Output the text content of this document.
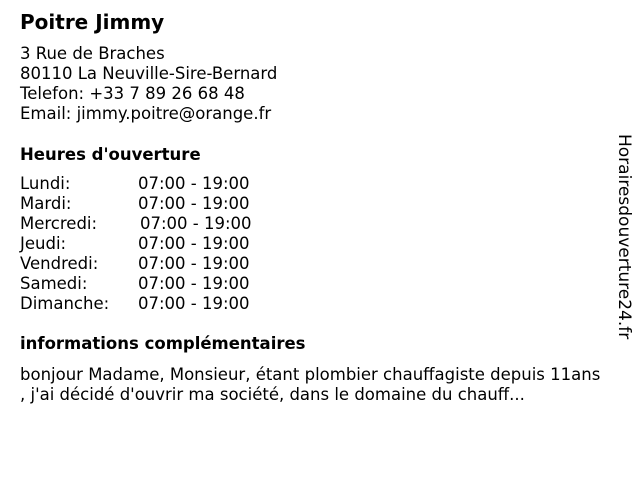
Poitre Jimmy
3 Rue de Braches
80110 La Neuville-Sire-Bernard
Telefon: +33 7 89 26 68 48
Email: jimmy.poitre@orange.fr
Heures d'ouverture
Lundi:	07:00 - 19:00
Mardi:	07:00 - 19:00
Mercredi:	07:00 - 19:00
Jeudi:	07:00 - 19:00
Vendredi: 07:00 - 19:00
Samedi:	07:00 - 19:00
Dimanche: 07:00 - 19:00
informations complémentaires
bonjour Madame, Monsieur, étant plombier chauffagiste depuis 11ans
, j'ai décidé d'ouvrir ma société, dans le domaine du chauff...
Horairesdouverture24.fr
